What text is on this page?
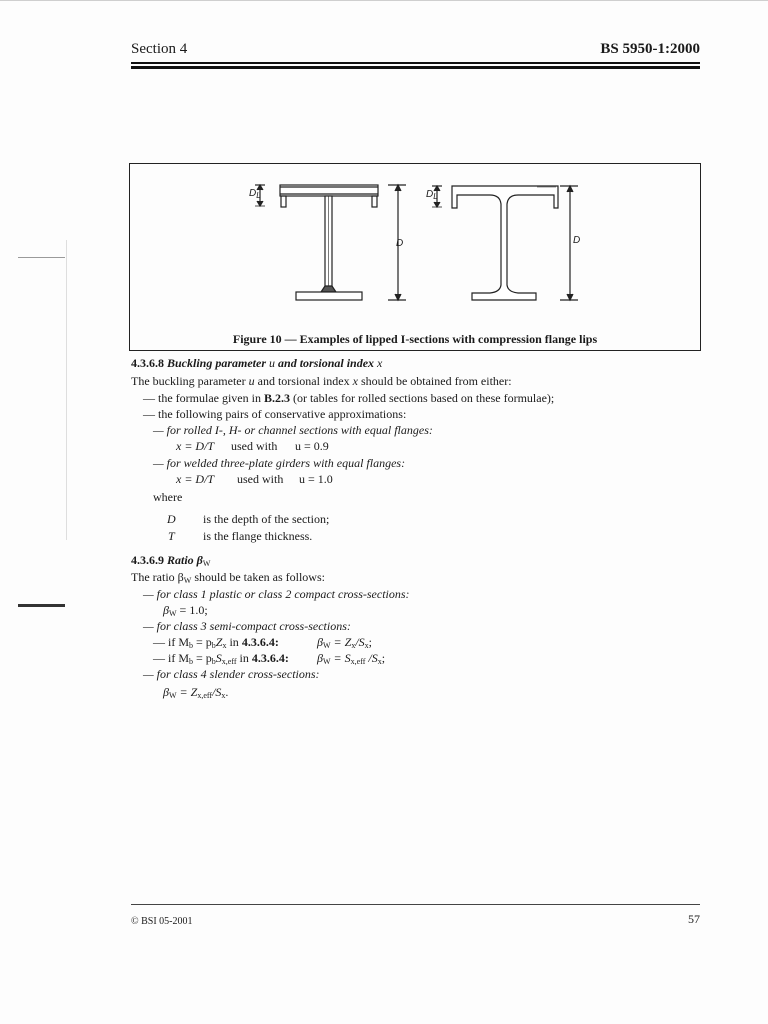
Section 4	BS 5950-1:2000
$D_L$
D
$D_L$
D
Figure 10 — Examples of lipped I-sections with compression flange lips
4.3.6.8 Buckling parameter u and torsional index x
The buckling parameter u and torsional index x should be obtained from either:
— the formulae given in B.2.3 (or tables for rolled sections based on these formulae);
— the following pairs of conservative approximations:
— for rolled I-, H- or channel sections with equal flanges:
x = D/T used with u = 0.9
— for welded three-plate girders with equal flanges:
x = D/T used with u = 1.0
where
D is the depth of the section;
T is the flange thickness.
4.3.6.9 Ratio $\beta_W$
The ratio $\beta_W$ should be taken as follows:
— for class 1 plastic or class 2 compact cross-sections:
$\beta_W = 1.0$;
— for class 3 semi-compact cross-sections:
— if $M_b = p_bZ_x$ in 4.3.6.4:	$\beta_W = Z_x/S_x$;
— if $M_b = p_bS_{x,eff}$ in 4.3.6.4: $\beta_W = S_{x,eff}$ $/S_x$;
— for class 4 slender cross-sections:
$\beta_W = Z_{x,eff}/S_x$.
© BSI 05-2001	57
